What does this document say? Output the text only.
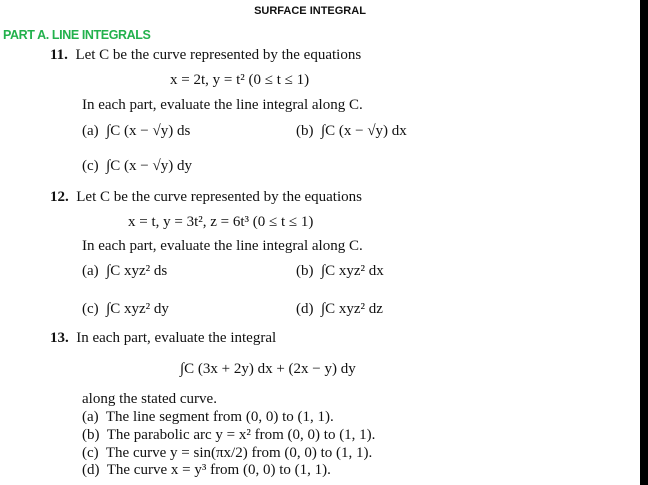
SURFACE INTEGRAL
PART A. LINE INTEGRALS
11. Let C be the curve represented by the equations
x = 2t, y = t² (0 ≤ t ≤ 1)
In each part, evaluate the line integral along C.
(a) ∫C (x − √y) ds	(b) ∫C (x − √y) dx
(c) ∫C (x − √y) dy
12. Let C be the curve represented by the equations
x = t, y = 3t², z = 6t³ (0 ≤ t ≤ 1)
In each part, evaluate the line integral along C.
(a) ∫C xyz² ds	(b) ∫C xyz² dx
(c) ∫C xyz² dy	(d) ∫C xyz² dz
13. In each part, evaluate the integral
∫C (3x + 2y) dx + (2x − y) dy
along the stated curve.
(a) The line segment from (0, 0) to (1, 1).
(b) The parabolic arc y = x² from (0, 0) to (1, 1).
(c) The curve y = sin(πx/2) from (0, 0) to (1, 1).
(d) The curve x = y³ from (0, 0) to (1, 1).
